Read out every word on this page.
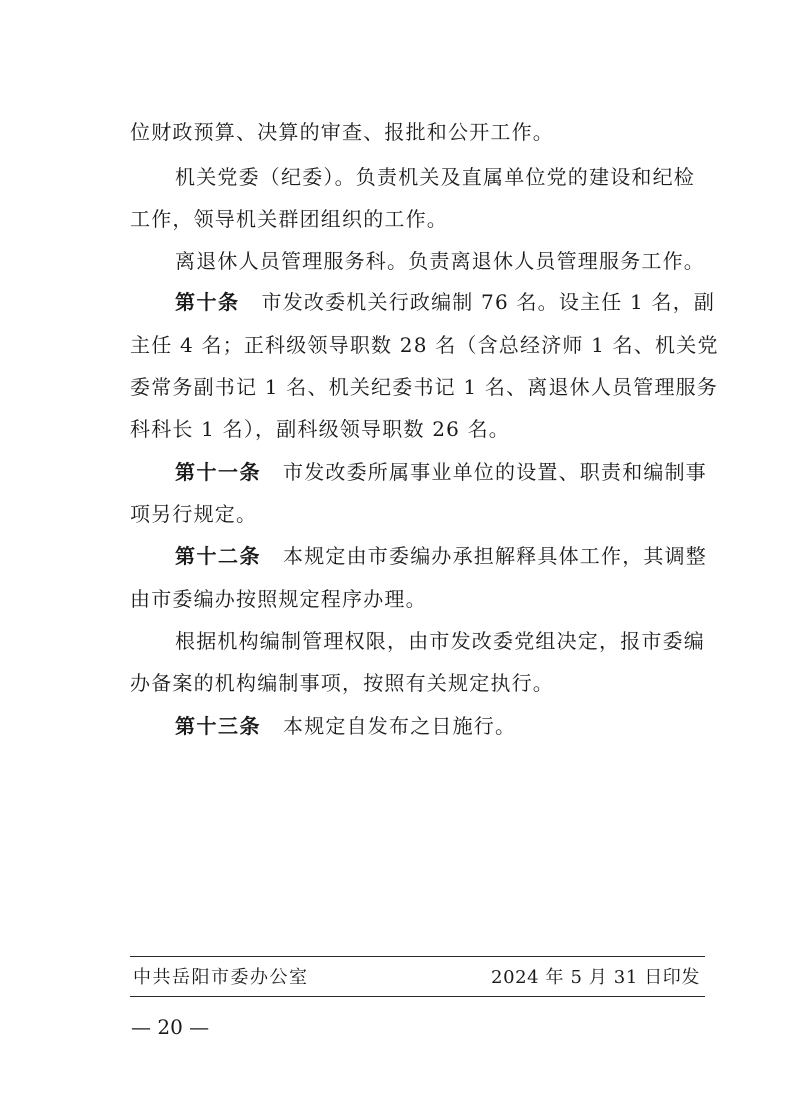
位财政预算、决算的审查、报批和公开工作。
机关党委（纪委）。负责机关及直属单位党的建设和纪检
工作，领导机关群团组织的工作。
离退休人员管理服务科。负责离退休人员管理服务工作。
第十条 市发改委机关行政编制 76 名。设主任 1 名，副
主任 4 名；正科级领导职数 28 名（含总经济师 1 名、机关党
委常务副书记 1 名、机关纪委书记 1 名、离退休人员管理服务
科科长 1 名），副科级领导职数 26 名。
第十一条 市发改委所属事业单位的设置、职责和编制事
项另行规定。
第十二条 本规定由市委编办承担解释具体工作，其调整
由市委编办按照规定程序办理。
根据机构编制管理权限，由市发改委党组决定，报市委编
办备案的机构编制事项，按照有关规定执行。
第十三条 本规定自发布之日施行。
中共岳阳市委办公室	2024 年 5 月 31 日印发
— 20 —
